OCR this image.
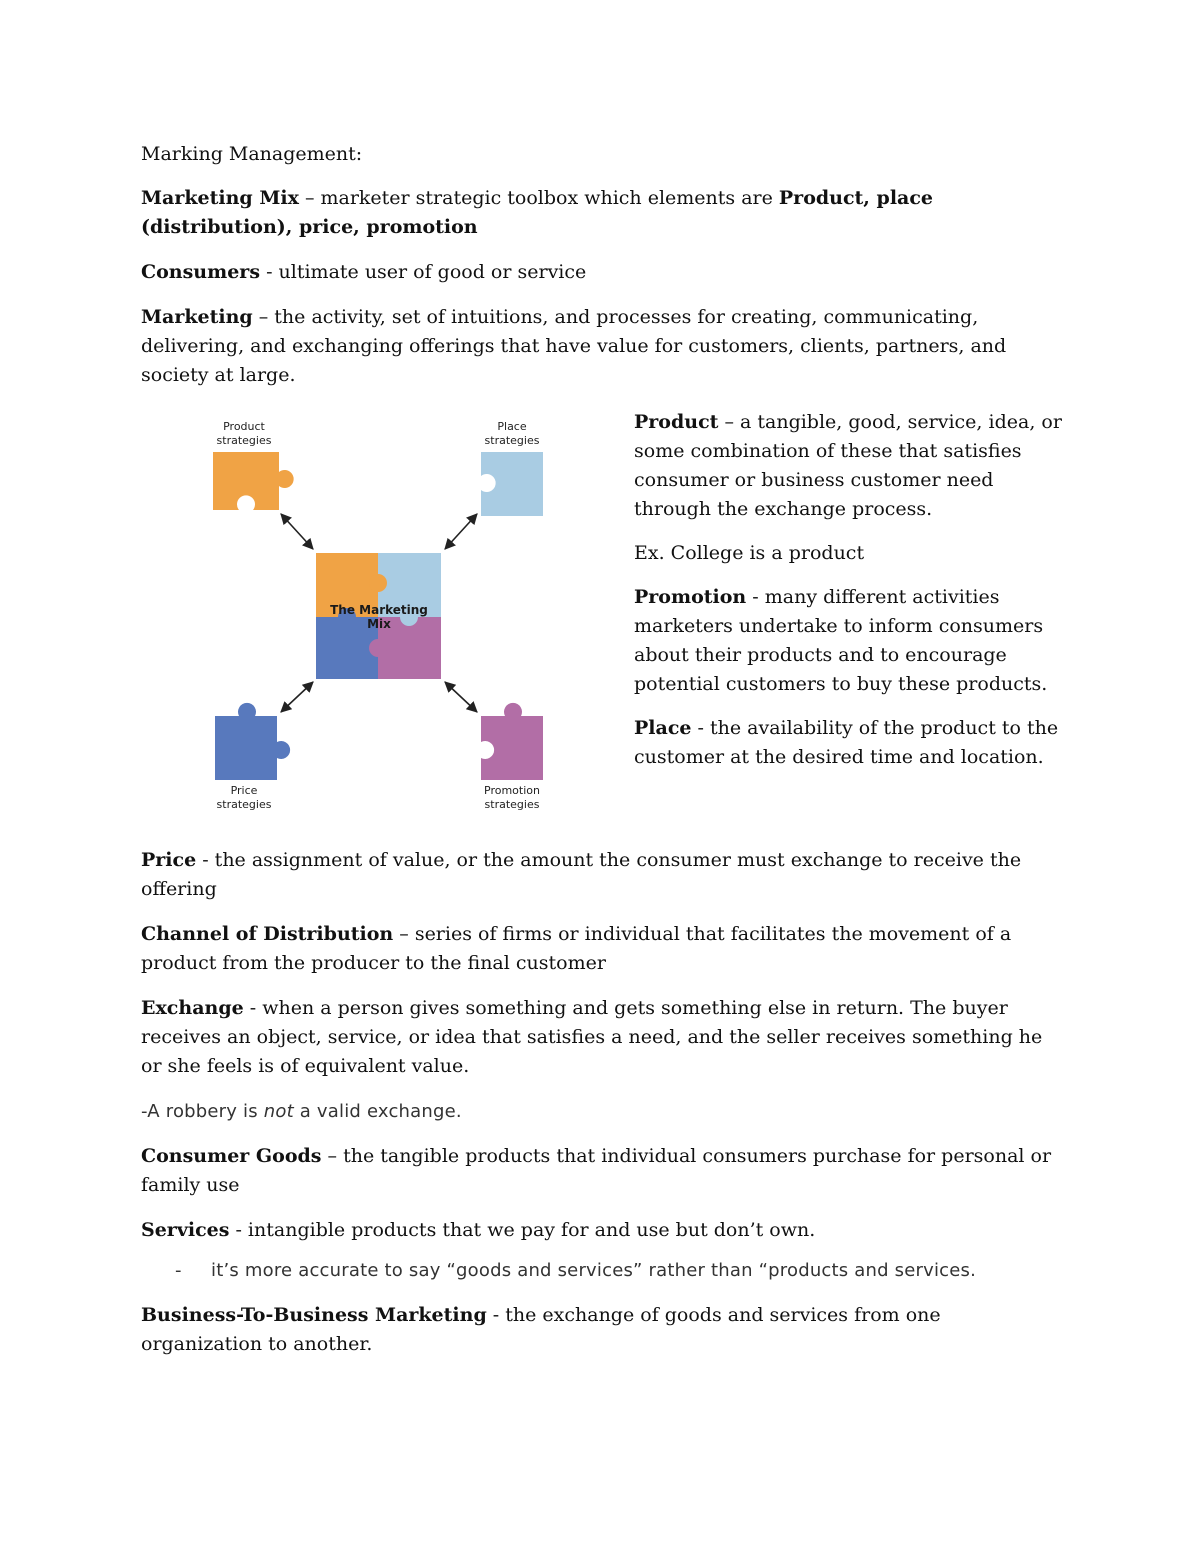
Marking Management:

Marketing Mix – marketer strategic toolbox which elements are Product, place (distribution), price, promotion

Consumers - ultimate user of good or service

Marketing – the activity, set of intuitions, and processes for creating, communicating, delivering, and exchanging offerings that have value for customers, clients, partners, and society at large.

Product
strategies
Place
strategies
The Marketing
Mix
Price
strategies
Promotion
strategies

Product – a tangible, good, service, idea, or some combination of these that satisfies consumer or business customer need through the exchange process.

Ex. College is a product

Promotion - many different activities marketers undertake to inform consumers about their products and to encourage potential customers to buy these products.

Place - the availability of the product to the customer at the desired time and location.

Price - the assignment of value, or the amount the consumer must exchange to receive the offering

Channel of Distribution – series of firms or individual that facilitates the movement of a product from the producer to the final customer

Exchange - when a person gives something and gets something else in return. The buyer receives an object, service, or idea that satisfies a need, and the seller receives something he or she feels is of equivalent value.

-A robbery is not a valid exchange.

Consumer Goods – the tangible products that individual consumers purchase for personal or family use

Services - intangible products that we pay for and use but don’t own.

- it’s more accurate to say “goods and services” rather than “products and services.

Business-To-Business Marketing - the exchange of goods and services from one organization to another.
